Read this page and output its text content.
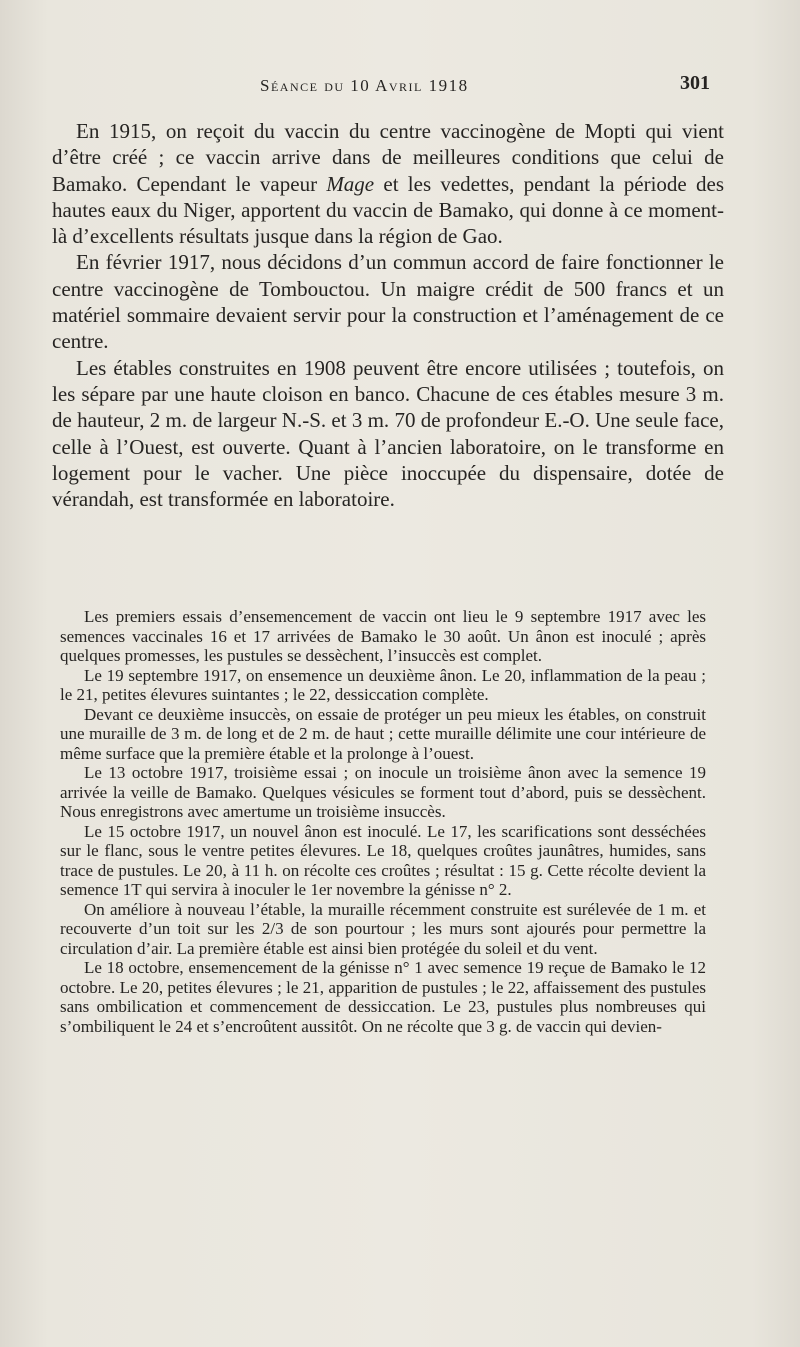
Séance du 10 Avril 1918	301

En 1915, on reçoit du vaccin du centre vaccinogène de Mopti qui vient d’être créé ; ce vaccin arrive dans de meilleures conditions que celui de Bamako. Cependant le vapeur Mage et les vedettes, pendant la période des hautes eaux du Niger, apportent du vaccin de Bamako, qui donne à ce moment-là d’excellents résultats jusque dans la région de Gao.

En février 1917, nous décidons d’un commun accord de faire fonctionner le centre vaccinogène de Tombouctou. Un maigre crédit de 500 francs et un matériel sommaire devaient servir pour la construction et l’aménagement de ce centre.

Les étables construites en 1908 peuvent être encore utilisées ; toutefois, on les sépare par une haute cloison en banco. Chacune de ces étables mesure 3 m. de hauteur, 2 m. de largeur N.-S. et 3 m. 70 de profondeur E.-O. Une seule face, celle à l’Ouest, est ouverte. Quant à l’ancien laboratoire, on le transforme en logement pour le vacher. Une pièce inoccupée du dispensaire, dotée de vérandah, est transformée en laboratoire.

Les premiers essais d’ensemencement de vaccin ont lieu le 9 septembre 1917 avec les semences vaccinales 16 et 17 arrivées de Bamako le 30 août. Un ânon est inoculé ; après quelques promesses, les pustules se dessèchent, l’insuccès est complet.

Le 19 septembre 1917, on ensemence un deuxième ânon. Le 20, inflammation de la peau ; le 21, petites élevures suintantes ; le 22, dessiccation complète.

Devant ce deuxième insuccès, on essaie de protéger un peu mieux les étables, on construit une muraille de 3 m. de long et de 2 m. de haut ; cette muraille délimite une cour intérieure de même surface que la première étable et la prolonge à l’ouest.

Le 13 octobre 1917, troisième essai ; on inocule un troisième ânon avec la semence 19 arrivée la veille de Bamako. Quelques vésicules se forment tout d’abord, puis se dessèchent. Nous enregistrons avec amertume un troisième insuccès.

Le 15 octobre 1917, un nouvel ânon est inoculé. Le 17, les scarifications sont desséchées sur le flanc, sous le ventre petites élevures. Le 18, quelques croûtes jaunâtres, humides, sans trace de pustules. Le 20, à 11 h. on récolte ces croûtes ; résultat : 15 g. Cette récolte devient la semence 1T qui servira à inoculer le 1er novembre la génisse n° 2.

On améliore à nouveau l’étable, la muraille récemment construite est surélevée de 1 m. et recouverte d’un toit sur les 2/3 de son pourtour ; les murs sont ajourés pour permettre la circulation d’air. La première étable est ainsi bien protégée du soleil et du vent.

Le 18 octobre, ensemencement de la génisse n° 1 avec semence 19 reçue de Bamako le 12 octobre. Le 20, petites élevures ; le 21, apparition de pustules ; le 22, affaissement des pustules sans ombilication et commencement de dessiccation. Le 23, pustules plus nombreuses qui s’ombiliquent le 24 et s’encroûtent aussitôt. On ne récolte que 3 g. de vaccin qui devien-
